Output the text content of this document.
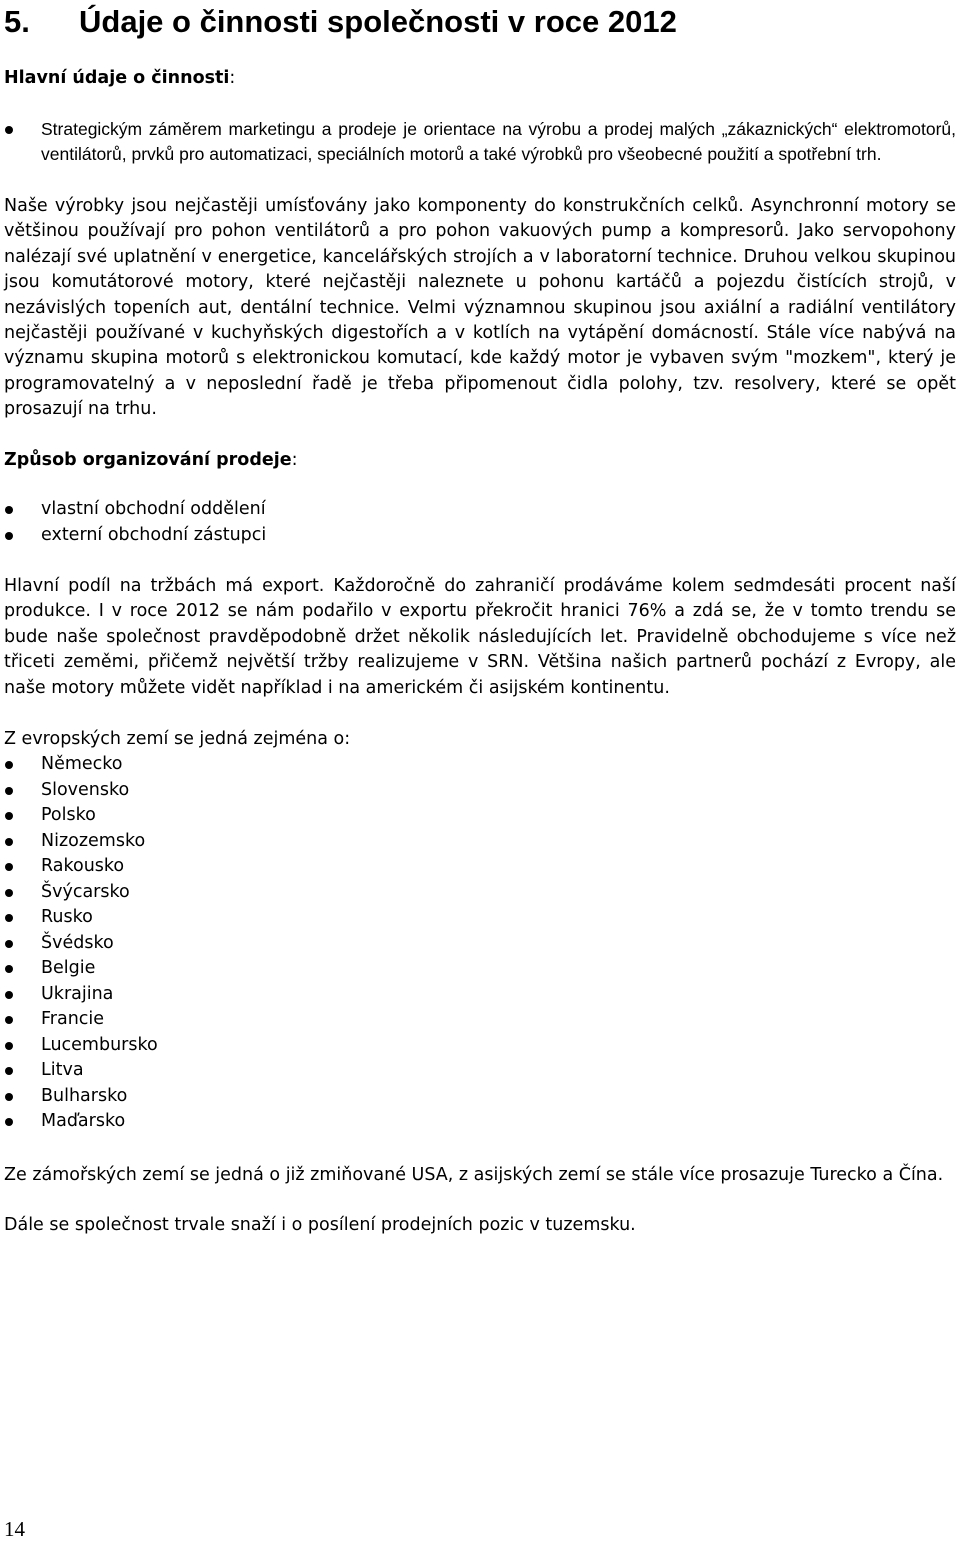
5. Údaje o činnosti společnosti v roce 2012
Hlavní údaje o činnosti:
Strategickým záměrem marketingu a prodeje je orientace na výrobu a prodej malých „zákaznických“ elektromotorů, ventilátorů, prvků pro automatizaci, speciálních motorů a také výrobků pro všeobecné použití a spotřební trh.

Naše výrobky jsou nejčastěji umísťovány jako komponenty do konstrukčních celků. Asynchronní motory se většinou používají pro pohon ventilátorů a pro pohon vakuových pump a kompresorů. Jako servopohony nalézají své uplatnění v energetice, kancelářských strojích a v laboratorní technice. Druhou velkou skupinou jsou komutátorové motory, které nejčastěji naleznete u pohonu kartáčů a pojezdu čistících strojů, v nezávislých topeních aut, dentální technice. Velmi významnou skupinou jsou axiální a radiální ventilátory nejčastěji používané v kuchyňských digestořích a v kotlích na vytápění domácností. Stále více nabývá na významu skupina motorů s elektronickou komutací, kde každý motor je vybaven svým "mozkem", který je programovatelný a v neposlední řadě je třeba připomenout čidla polohy, tzv. resolvery, které se opět prosazují na trhu.

Způsob organizování prodeje:
vlastní obchodní oddělení
externí obchodní zástupci

Hlavní podíl na tržbách má export. Každoročně do zahraničí prodáváme kolem sedmdesáti procent naší produkce. I v roce 2012 se nám podařilo v exportu překročit hranici 76% a zdá se, že v tomto trendu se bude naše společnost pravděpodobně držet několik následujících let. Pravidelně obchodujeme s více než třiceti zeměmi, přičemž největší tržby realizujeme v SRN. Většina našich partnerů pochází z Evropy, ale naše motory můžete vidět například i na americkém či asijském kontinentu.

Z evropských zemí se jedná zejména o:
Německo
Slovensko
Polsko
Nizozemsko
Rakousko
Švýcarsko
Rusko
Švédsko
Belgie
Ukrajina
Francie
Lucembursko
Litva
Bulharsko
Maďarsko

Ze zámořských zemí se jedná o již zmiňované USA, z asijských zemí se stále více prosazuje Turecko a Čína.

Dále se společnost trvale snaží i o posílení prodejních pozic v tuzemsku.
14
